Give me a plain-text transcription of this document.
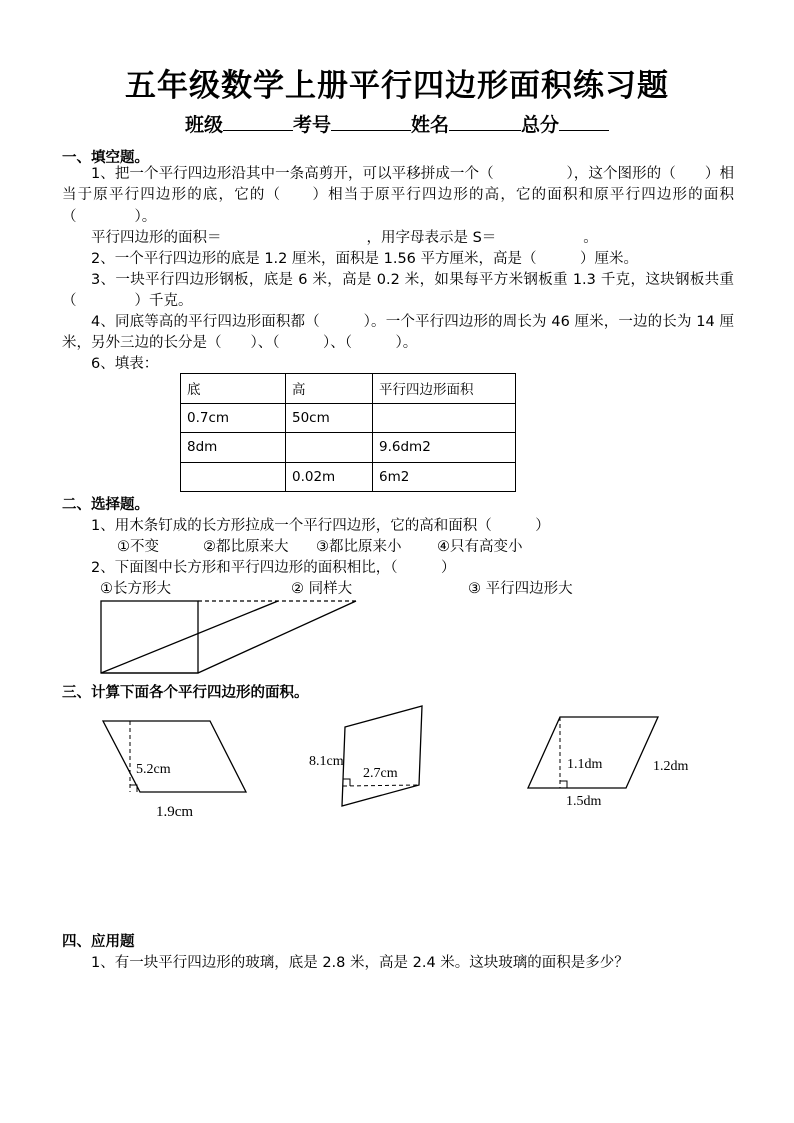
五年级数学上册平行四边形面积练习题
班级	考号	姓名	总分
一、填空题。
1、把一个平行四边形沿其中一条高剪开，可以平移拼成一个（　　　　　），这个图形的（　　）相当于原平行四边形的底，它的（　　）相当于原平行四边形的高，它的面积和原平行四边形的面积（　　　　）。
平行四边形的面积＝　　　　　　　　　　，用字母表示是 S＝　　　　　　。
2、一个平行四边形的底是 1.2 厘米，面积是 1.56 平方厘米，高是（　　　）厘米。
3、一块平行四边形钢板，底是 6 米，高是 0.2 米，如果每平方米钢板重 1.3 千克，这块钢板共重（　　　　）千克。
4、同底等高的平行四边形面积都（　　　）。一个平行四边形的周长为 46 厘米，一边的长为 14 厘米，另外三边的长分是（　　）、（　　　）、（　　　）。
6、填表：
底	高	平行四边形面积
0.7cm	50cm	
8dm		9.6dm2
	0.02m	6m2
二、选择题。
1、用木条钉成的长方形拉成一个平行四边形，它的高和面积（　　　）
①不变	②都比原来大 ③都比原来小 ④只有高变小
2、下面图中长方形和平行四边形的面积相比，（　　　）
①长方形大	② 同样大	③ 平行四边形大
三、计算下面各个平行四边形的面积。
四、应用题
1、有一块平行四边形的玻璃，底是 2.8 米，高是 2.4 米。这块玻璃的面积是多少？
5.2cm
1.9cm
8.1cm
2.7cm
1.1dm	1.2dm
1.5dm
